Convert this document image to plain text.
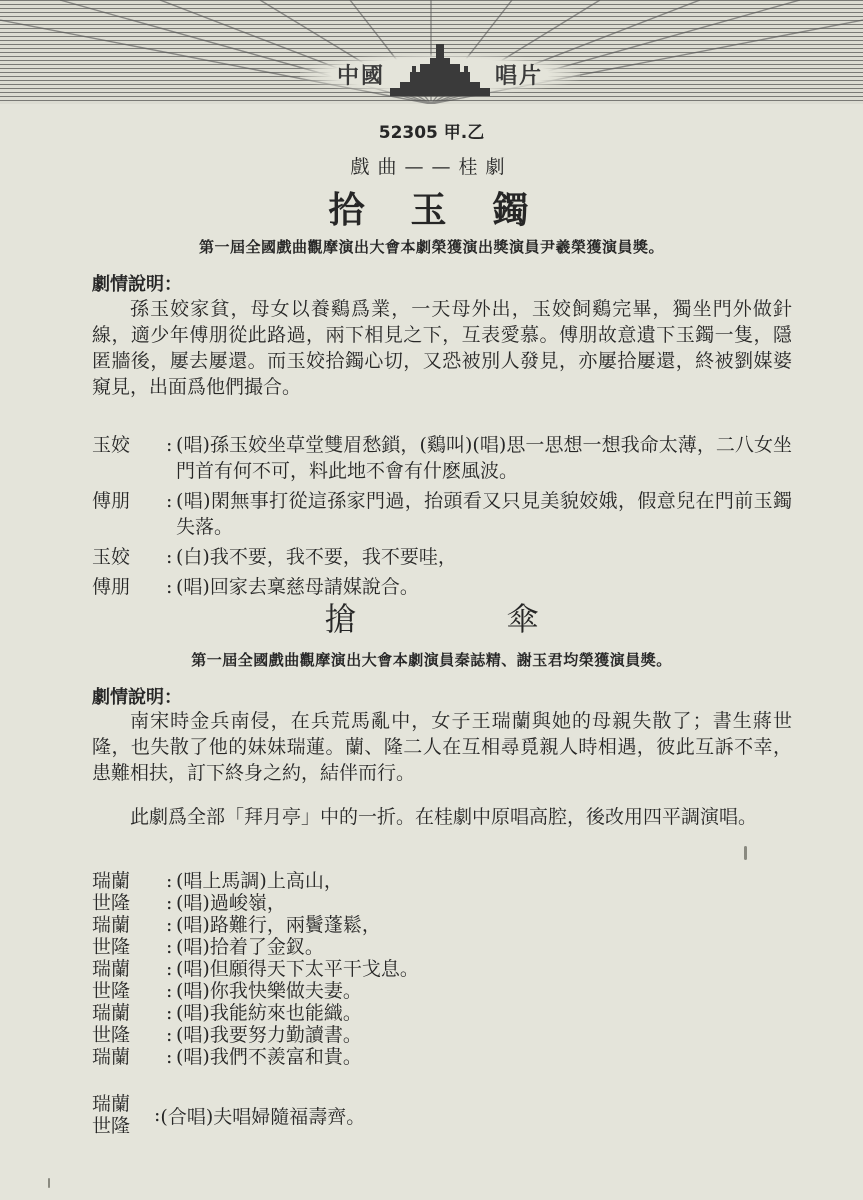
中國	唱片
52305 甲.乙
戲曲——桂劇
拾玉鐲
第一屆全國戲曲觀摩演出大會本劇榮獲演出獎演員尹羲榮獲演員獎。
劇情說明：

孫玉姣家貧，母女以養鷄爲業，一天母外出，玉姣飼鷄完畢，獨坐門外做針線，適少年傅朋從此路過，兩下相見之下，互表愛慕。傅朋故意遺下玉鐲一隻，隱匿牆後，屢去屢還。而玉姣拾鐲心切，又恐被別人發見，亦屢拾屢還，終被劉媒婆窺見，出面爲他們撮合。

玉姣	: (唱)孫玉姣坐草堂雙眉愁鎖，(鷄叫)(唱)思一思想一想我命太薄，二八女坐門首有何不可，料此地不會有什麽風波。
傅朋	: (唱)閑無事打從這孫家門過，抬頭看又只見美貌姣娥，假意兒在門前玉鐲失落。
玉姣	: (白)我不要，我不要，我不要哇，
傅朋	: (唱)回家去稟慈母請媒說合。
搶傘
第一屆全國戲曲觀摩演出大會本劇演員秦誌精、謝玉君均榮獲演員獎。
劇情說明：

南宋時金兵南侵，在兵荒馬亂中，女子王瑞蘭與她的母親失散了；書生蔣世隆，也失散了他的妹妹瑞蓮。蘭、隆二人在互相尋覓親人時相遇，彼此互訴不幸，患難相扶，訂下終身之約，結伴而行。

此劇爲全部「拜月亭」中的一折。在桂劇中原唱高腔，後改用四平調演唱。

瑞蘭	: (唱上馬調)上高山，
世隆	: (唱)過峻嶺，
瑞蘭	: (唱)路難行，兩鬢蓬鬆，
世隆	: (唱)拾着了金釵。
瑞蘭	: (唱)但願得天下太平干戈息。
世隆	: (唱)你我快樂做夫妻。
瑞蘭	: (唱)我能紡來也能織。
世隆	: (唱)我要努力勤讀書。
瑞蘭	: (唱)我們不羨富和貴。
瑞蘭
世隆	: (合唱)夫唱婦隨福壽齊。
